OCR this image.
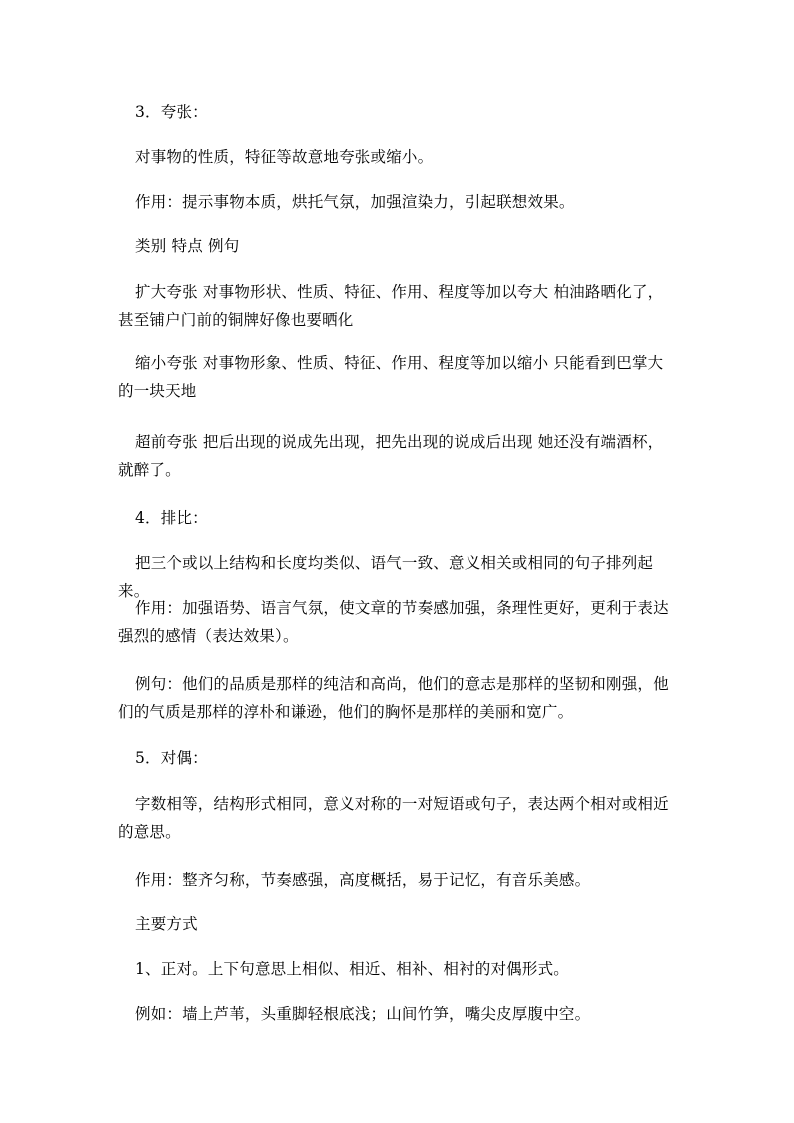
3．夸张：

对事物的性质，特征等故意地夸张或缩小。

作用：提示事物本质，烘托气氛，加强渲染力，引起联想效果。

类别 特点 例句

扩大夸张 对事物形状、性质、特征、作用、程度等加以夸大 柏油路晒化了，甚至铺户门前的铜牌好像也要晒化

缩小夸张 对事物形象、性质、特征、作用、程度等加以缩小 只能看到巴掌大的一块天地

超前夸张 把后出现的说成先出现，把先出现的说成后出现 她还没有端酒杯，就醉了。

4．排比：

把三个或以上结构和长度均类似、语气一致、意义相关或相同的句子排列起来。

作用：加强语势、语言气氛，使文章的节奏感加强，条理性更好，更利于表达强烈的感情（表达效果）。

例句：他们的品质是那样的纯洁和高尚，他们的意志是那样的坚韧和刚强，他们的气质是那样的淳朴和谦逊，他们的胸怀是那样的美丽和宽广。

5．对偶：

字数相等，结构形式相同，意义对称的一对短语或句子，表达两个相对或相近的意思。

作用：整齐匀称，节奏感强，高度概括，易于记忆，有音乐美感。

主要方式

1、正对。上下句意思上相似、相近、相补、相衬的对偶形式。

例如：墙上芦苇，头重脚轻根底浅；山间竹笋，嘴尖皮厚腹中空。
